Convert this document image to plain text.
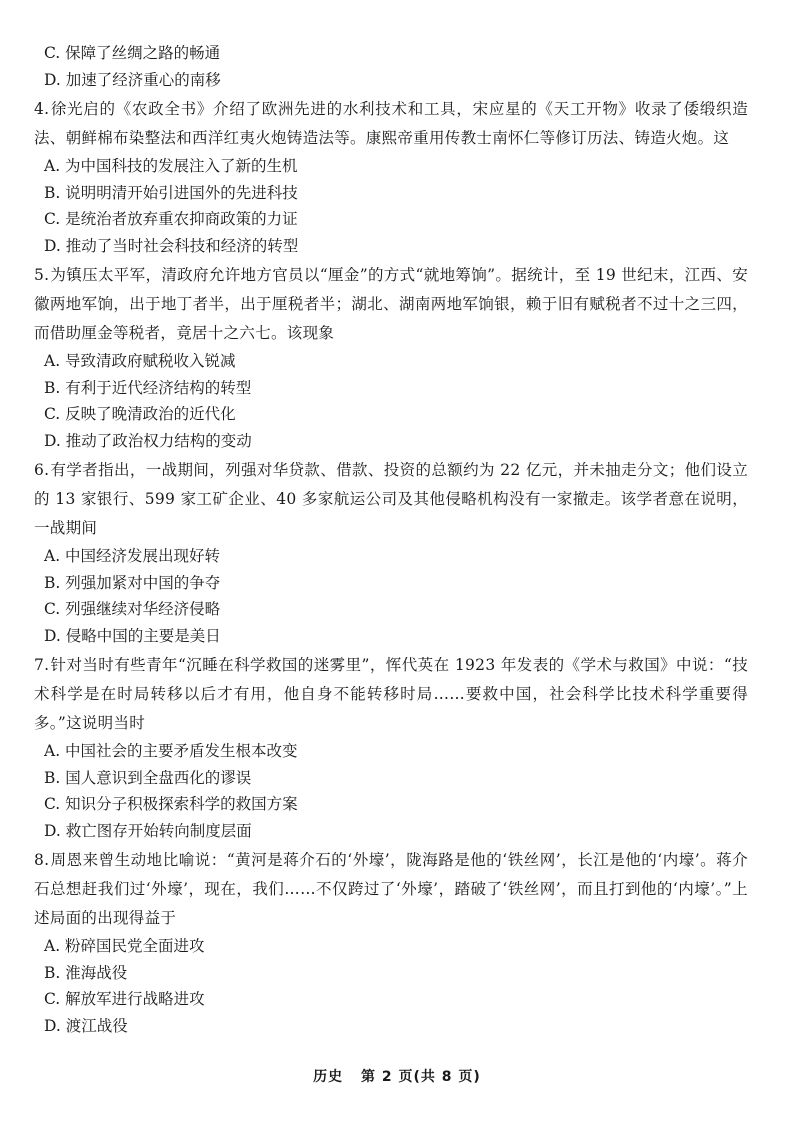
C. 保障了丝绸之路的畅通
D. 加速了经济重心的南移
4.徐光启的《农政全书》介绍了欧洲先进的水利技术和工具，宋应星的《天工开物》收录了倭缎织造法、朝鲜棉布染整法和西洋红夷火炮铸造法等。康熙帝重用传教士南怀仁等修订历法、铸造火炮。这
A. 为中国科技的发展注入了新的生机
B. 说明明清开始引进国外的先进科技
C. 是统治者放弃重农抑商政策的力证
D. 推动了当时社会科技和经济的转型
5.为镇压太平军，清政府允许地方官员以“厘金”的方式“就地筹饷”。据统计，至 19 世纪末，江西、安徽两地军饷，出于地丁者半，出于厘税者半；湖北、湖南两地军饷银，赖于旧有赋税者不过十之三四，而借助厘金等税者，竟居十之六七。该现象
A. 导致清政府赋税收入锐减
B. 有利于近代经济结构的转型
C. 反映了晚清政治的近代化
D. 推动了政治权力结构的变动
6.有学者指出，一战期间，列强对华贷款、借款、投资的总额约为 22 亿元，并未抽走分文；他们设立的 13 家银行、599 家工矿企业、40 多家航运公司及其他侵略机构没有一家撤走。该学者意在说明，一战期间
A. 中国经济发展出现好转
B. 列强加紧对中国的争夺
C. 列强继续对华经济侵略
D. 侵略中国的主要是美日
7.针对当时有些青年“沉睡在科学救国的迷雾里”，恽代英在 1923 年发表的《学术与救国》中说：“技术科学是在时局转移以后才有用，他自身不能转移时局……要救中国，社会科学比技术科学重要得多。”这说明当时
A. 中国社会的主要矛盾发生根本改变
B. 国人意识到全盘西化的谬误
C. 知识分子积极探索科学的救国方案
D. 救亡图存开始转向制度层面
8.周恩来曾生动地比喻说：“黄河是蒋介石的‘外壕’，陇海路是他的‘铁丝网’，长江是他的‘内壕’。蒋介石总想赶我们过‘外壕’，现在，我们……不仅跨过了‘外壕’，踏破了‘铁丝网’，而且打到他的‘内壕’。”上述局面的出现得益于
A. 粉碎国民党全面进攻
B. 淮海战役
C. 解放军进行战略进攻
D. 渡江战役
历史 第 2 页(共 8 页)
